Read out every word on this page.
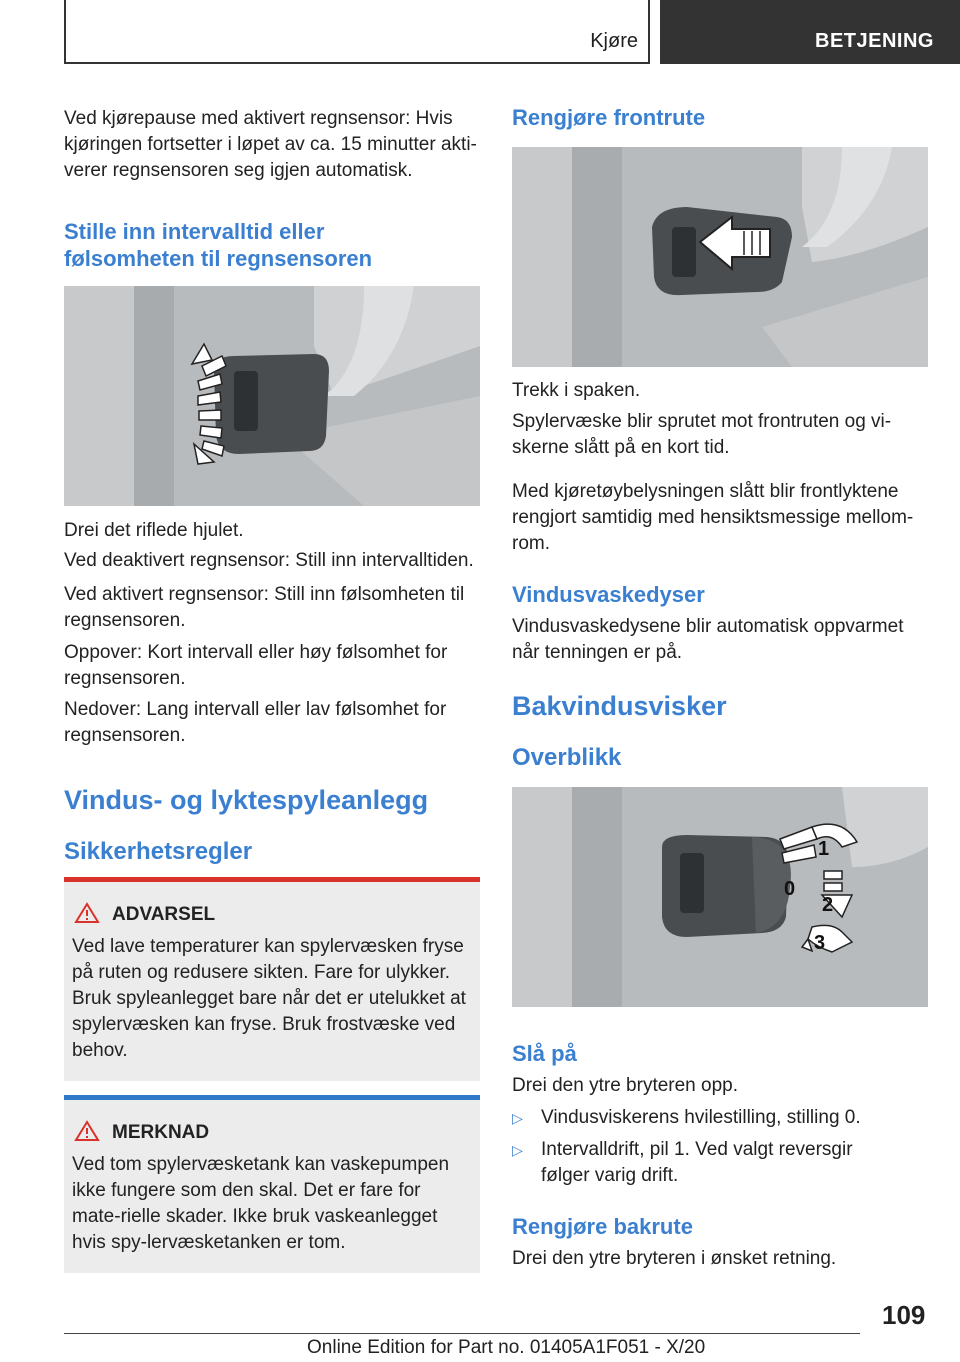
Kjøre	BETJENING

Ved kjørepause med aktivert regnsensor: Hvis kjøringen fortsetter i løpet av ca. 15 minutter akti‐verer regnsensoren seg igjen automatisk.

Stille inn intervalltid eller
følsomheten til regnsensoren

Drei det riflede hjulet.

Ved deaktivert regnsensor: Still inn intervalltiden.

Ved aktivert regnsensor: Still inn følsomheten til regnsensoren.

Oppover: Kort intervall eller høy følsomhet for regnsensoren.

Nedover: Lang intervall eller lav følsomhet for regnsensoren.

Vindus- og lyktespyleanlegg
Sikkerhetsregler
ADVARSEL

Ved lave temperaturer kan spylervæsken fryse på ruten og redusere sikten. Fare for ulykker. Bruk spyleanlegget bare når det er utelukket at spylervæsken kan fryse. Bruk frostvæske ved behov.

MERKNAD

Ved tom spylervæsketank kan vaskepumpen ikke fungere som den skal. Det er fare for mate‐rielle skader. Ikke bruk vaskeanlegget hvis spy‐lervæsketanken er tom.

Rengjøre frontrute

Trekk i spaken.

Spylervæske blir sprutet mot frontruten og vi‐skerne slått på en kort tid.

Med kjøretøybelysningen slått blir frontlyktene rengjort samtidig med hensiktsmessige mellom‐rom.

Vindusvaskedyser

Vindusvaskedysene blir automatisk oppvarmet når tenningen er på.

Bakvindusvisker
Overblikk
1
0
2
3
Slå på

Drei den ytre bryteren opp.

▷ Vindusviskerens hvilestilling, stilling 0.
▷ Intervalldrift, pil 1. Ved valgt reversgir følger varig drift.
Rengjøre bakrute

Drei den ytre bryteren i ønsket retning.

109
Online Edition for Part no. 01405A1F051 - X/20
